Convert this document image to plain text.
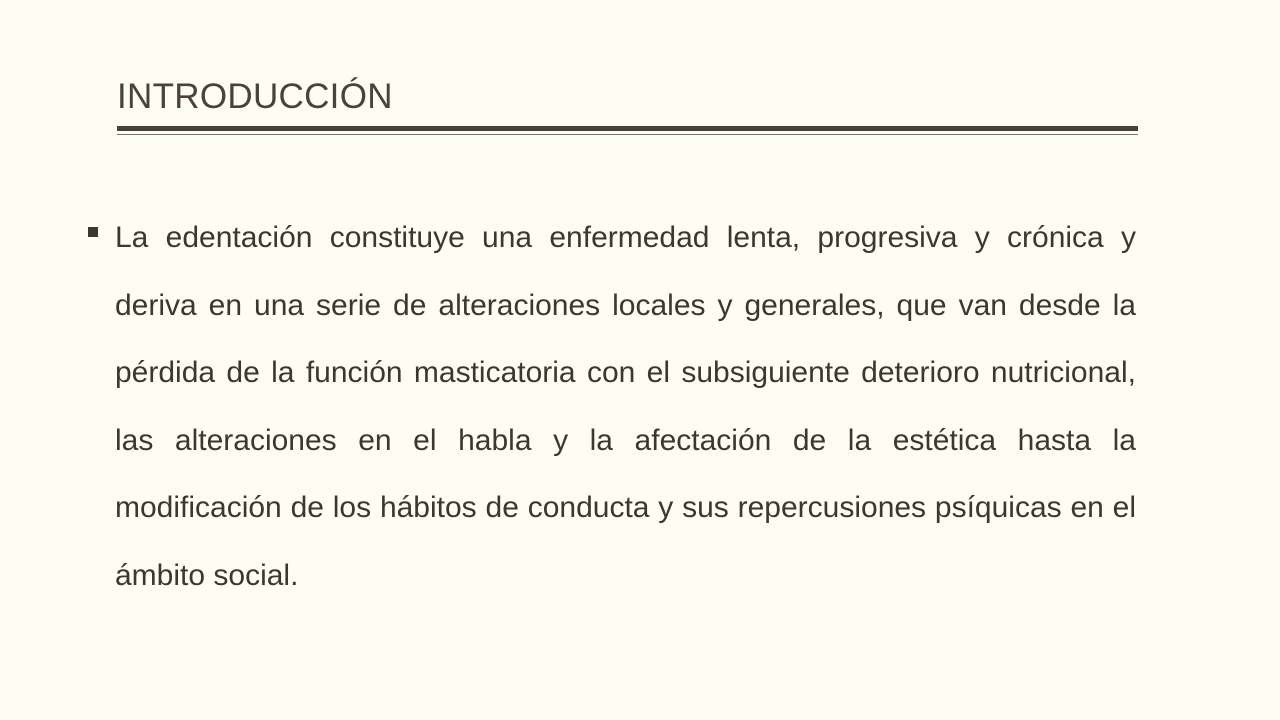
INTRODUCCIÓN

La edentación constituye una enfermedad lenta, progresiva y crónica y deriva en una serie de alteraciones locales y generales, que van desde la pérdida de la función masticatoria con el subsiguiente deterioro nutricional, las alteraciones en el habla y la afectación de la estética hasta la modificación de los hábitos de conducta y sus repercusiones psíquicas en el ámbito social.
